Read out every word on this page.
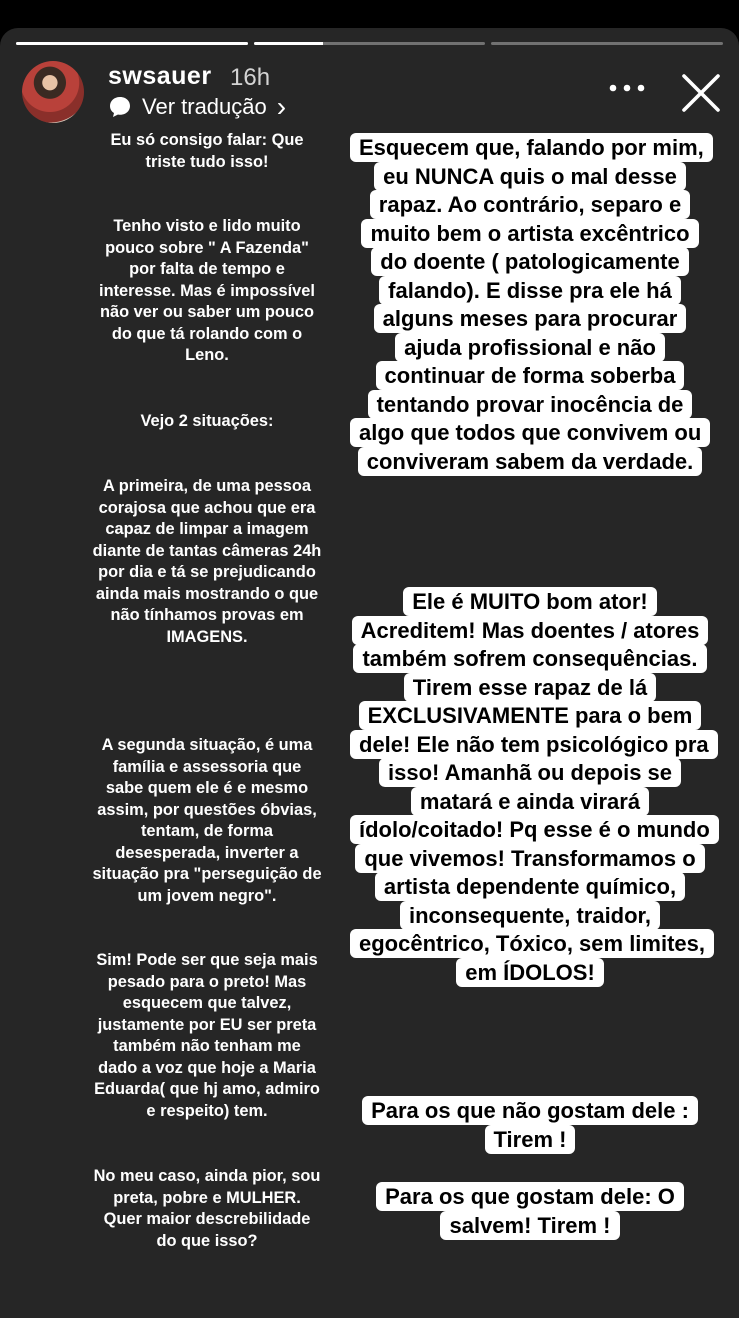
swsauer 16h
Ver tradução ›

Eu só consigo falar: Que triste tudo isso!

Tenho visto e lido muito pouco sobre " A Fazenda" por falta de tempo e interesse. Mas é impossível não ver ou saber um pouco do que tá rolando com o Leno.

Vejo 2 situações:

A primeira, de uma pessoa corajosa que achou que era capaz de limpar a imagem diante de tantas câmeras 24h por dia e tá se prejudicando ainda mais mostrando o que não tínhamos provas em IMAGENS.

A segunda situação, é uma família e assessoria que sabe quem ele é e mesmo assim, por questões óbvias, tentam, de forma desesperada, inverter a situação pra "perseguição de um jovem negro".

Sim! Pode ser que seja mais pesado para o preto! Mas esquecem que talvez, justamente por EU ser preta também não tenham me dado a voz que hoje a Maria Eduarda( que hj amo, admiro e respeito) tem.

No meu caso, ainda pior, sou preta, pobre e MULHER. Quer maior descrebilidade do que isso?

Esquecem que, falando por mim, eu NUNCA quis o mal desse rapaz. Ao contrário, separo e muito bem o artista excêntrico do doente ( patologicamente falando). E disse pra ele há alguns meses para procurar ajuda profissional e não continuar de forma soberba tentando provar inocência de algo que todos que convivem ou conviveram sabem da verdade.
Ele é MUITO bom ator! Acreditem! Mas doentes / atores também sofrem consequências. Tirem esse rapaz de lá EXCLUSIVAMENTE para o bem dele! Ele não tem psicológico pra isso! Amanhã ou depois se matará e ainda virará ídolo/coitado! Pq esse é o mundo que vivemos! Transformamos o artista dependente químico, inconsequente, traidor, egocêntrico, Tóxico, sem limites, em ÍDOLOS!
Para os que não gostam dele : Tirem !
Para os que gostam dele: O salvem! Tirem !
